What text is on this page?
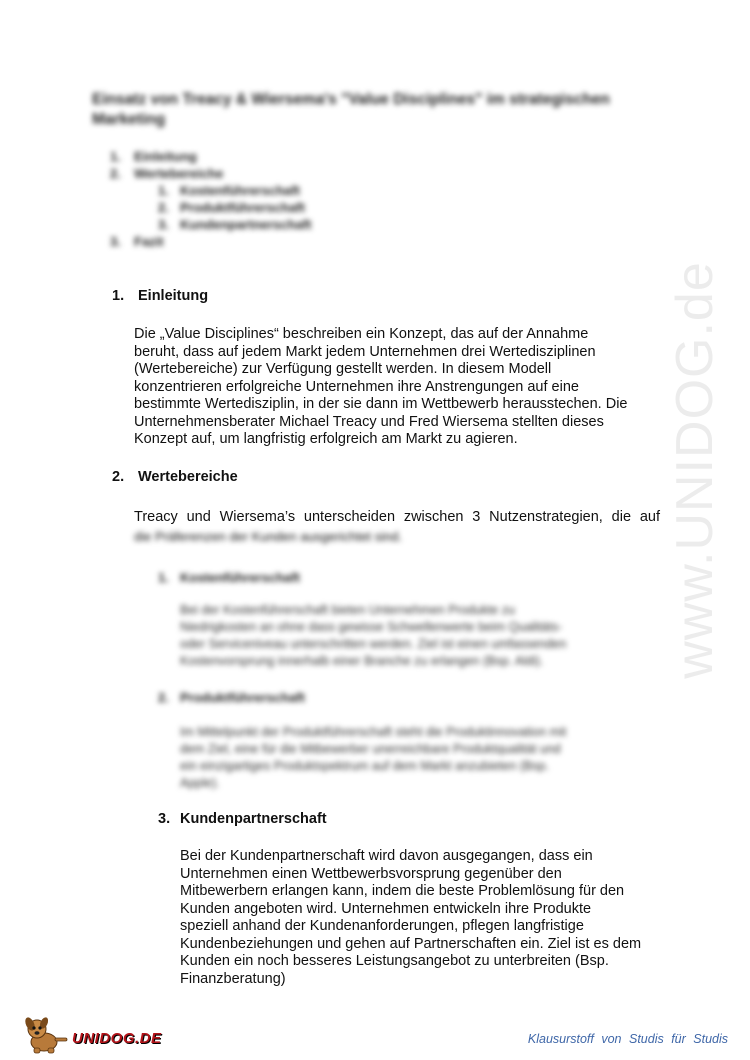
www.UNIDOG.de
Einsatz von Treacy & Wiersema's "Value Disciplines" im strategischen Marketing
1.	Einleitung
2.	Wertebereiche
1. Kostenführerschaft
2. Produktführerschaft
3. Kundenpartnerschaft
3.	Fazit
1. Einleitung
Die „Value Disciplines“ beschreiben ein Konzept, das auf der Annahme
beruht, dass auf jedem Markt jedem Unternehmen drei Wertedisziplinen
(Wertebereiche) zur Verfügung gestellt werden. In diesem Modell
konzentrieren erfolgreiche Unternehmen ihre Anstrengungen auf eine
bestimmte Wertedisziplin, in der sie dann im Wettbewerb herausstechen. Die
Unternehmensberater Michael Treacy und Fred Wiersema stellten dieses
Konzept auf, um langfristig erfolgreich am Markt zu agieren.
2. Wertebereiche
Treacy und Wiersema’s unterscheiden zwischen 3 Nutzenstrategien, die auf
die Präferenzen der Kunden ausgerichtet sind.
1. Kostenführerschaft
Bei der Kostenführerschaft bieten Unternehmen Produkte zu
Niedrigkosten an ohne dass gewisse Schwellenwerte beim Qualitäts-
oder Serviceniveau unterschritten werden. Ziel ist einen umfassenden
Kostenvorsprung innerhalb einer Branche zu erlangen (Bsp. Aldi).
2. Produktführerschaft
Im Mittelpunkt der Produktführerschaft steht die Produktinnovation mit
dem Ziel, eine für die Mitbewerber unerreichbare Produktqualität und
ein einzigartiges Produktspektrum auf dem Markt anzubieten (Bsp.
Apple).
3. Kundenpartnerschaft
Bei der Kundenpartnerschaft wird davon ausgegangen, dass ein
Unternehmen einen Wettbewerbsvorsprung gegenüber den
Mitbewerbern erlangen kann, indem die beste Problemlösung für den
Kunden angeboten wird. Unternehmen entwickeln ihre Produkte
speziell anhand der Kundenanforderungen, pflegen langfristige
Kundenbeziehungen und gehen auf Partnerschaften ein. Ziel ist es dem
Kunden ein noch besseres Leistungsangebot zu unterbreiten (Bsp.
Finanzberatung)
UNIDOG.DE	Klausurstoff von Studis für Studis
